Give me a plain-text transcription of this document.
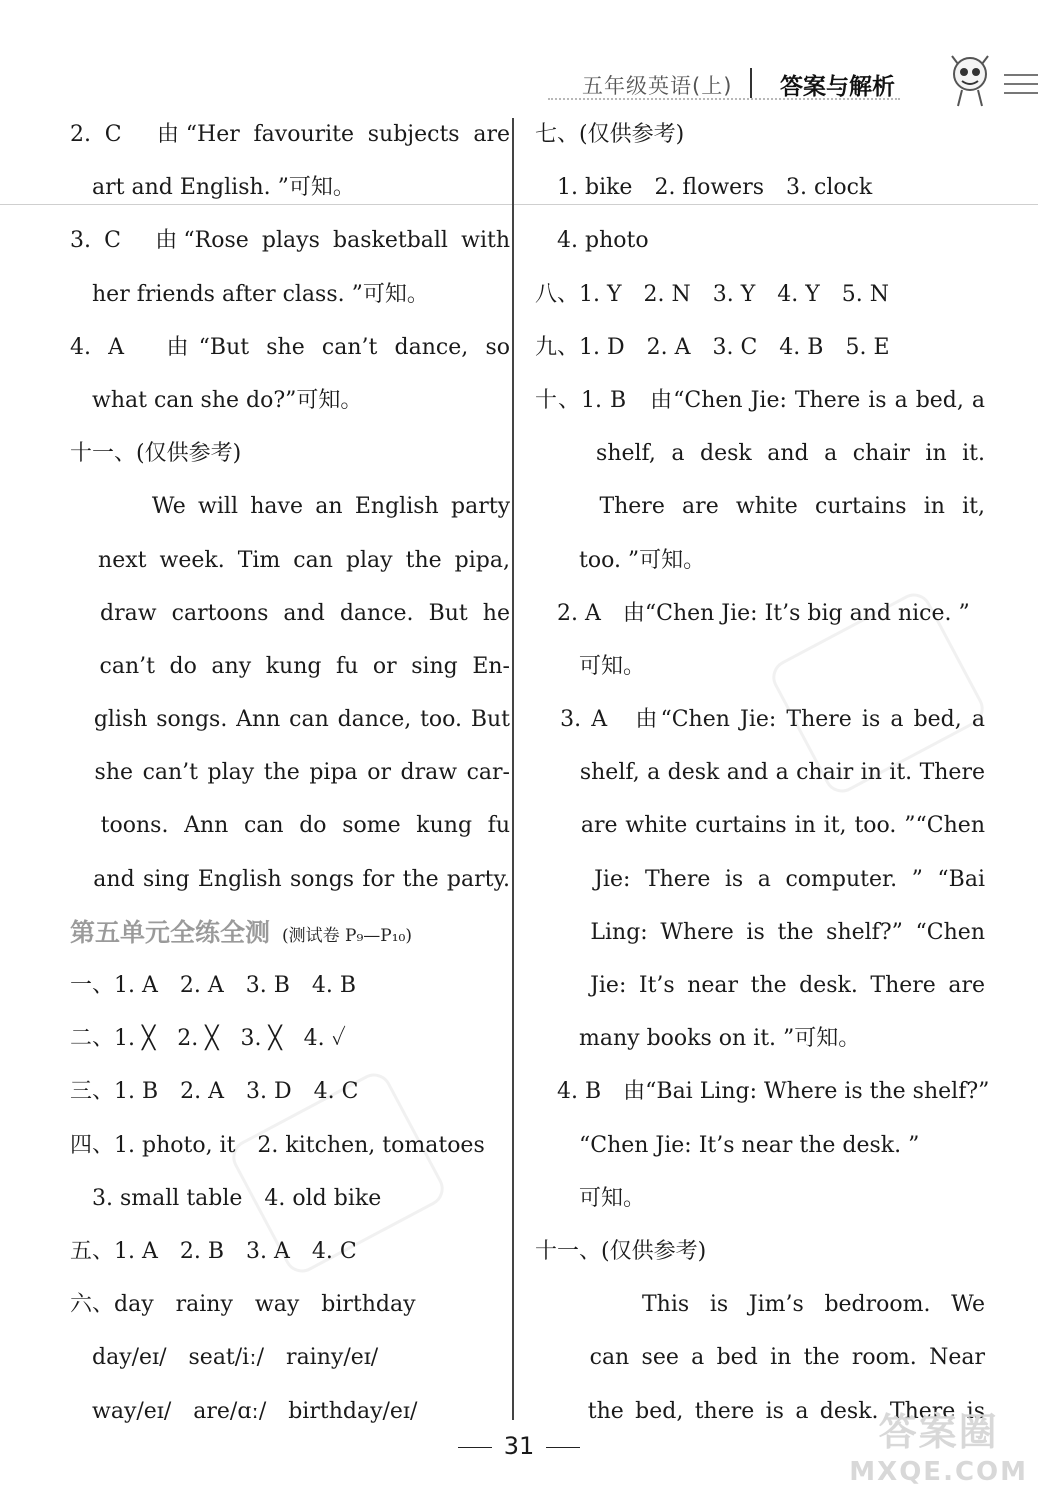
五年级英语(上) 答案与解析
2. C　由“Her favourite subjects are
　art and English. ”可知。
3. C　由“Rose plays basketball with
　her friends after class. ”可知。
4. A　由“But she can’t dance, so
　what can she do?”可知。
十一、(仅供参考)
　　　We will have an English party
　next week. Tim can play the pipa,
　draw cartoons and dance. But he
　can’t do any kung fu or sing En-
　glish songs. Ann can dance, too. But
　she can’t play the pipa or draw car-
　toons. Ann can do some kung fu
　and sing English songs for the party.
第五单元全练全测 (测试卷 P₉—P₁₀)
一、1. A　2. A　3. B　4. B
二、1. ╳　2. ╳　3. ╳　4. ✓
三、1. B　2. A　3. D　4. C
四、1. photo, it　2. kitchen, tomatoes
　3. small table　4. old bike
五、1. A　2. B　3. A　4. C
六、day　rainy　way　birthday
　day/eɪ/　seat/iː/　rainy/eɪ/
　way/eɪ/　are/ɑː/　birthday/eɪ/
七、(仅供参考)
　1. bike　2. flowers　3. clock
　4. photo
八、1. Y　2. N　3. Y　4. Y　5. N
九、1. D　2. A　3. C　4. B　5. E
十、1. B　由“Chen Jie: There is a bed, a
　　shelf, a desk and a chair in it.
　　There are white curtains in it,
　　too. ”可知。
　2. A　由“Chen Jie: It’s big and nice. ”
　　可知。
　3. A　由“Chen Jie: There is a bed, a
　　shelf, a desk and a chair in it. There
　　are white curtains in it, too. ”“Chen
　　Jie: There is a computer. ” “Bai
　　Ling: Where is the shelf?” “Chen
　　Jie: It’s near the desk. There are
　　many books on it. ”可知。
　4. B　由“Bai Ling: Where is the shelf?”
　　“Chen Jie: It’s near the desk. ”
　　可知。
十一、(仅供参考)
　　　This is Jim’s bedroom. We
　　can see a bed in the room. Near
　　the bed, there is a desk. There is
31	答案圈
MXQE.COM
